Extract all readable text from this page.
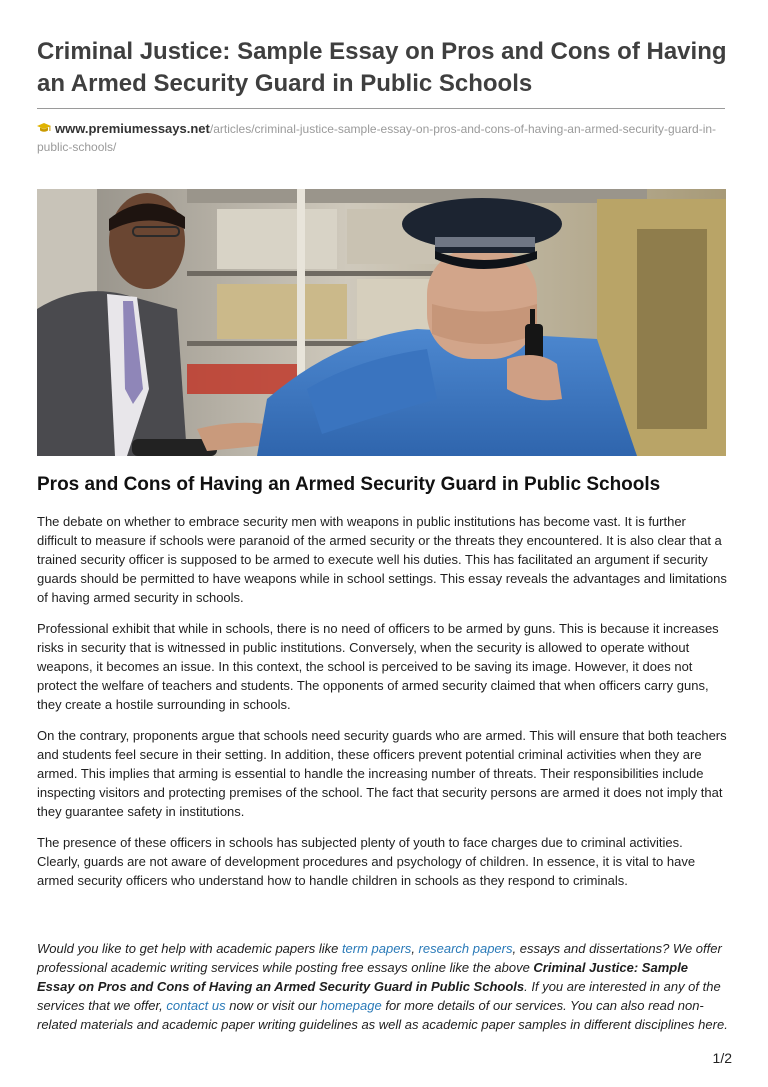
Criminal Justice: Sample Essay on Pros and Cons of Having an Armed Security Guard in Public Schools
www.premiumessays.net/articles/criminal-justice-sample-essay-on-pros-and-cons-of-having-an-armed-security-guard-in-public-schools/
Pros and Cons of Having an Armed Security Guard in Public Schools

The debate on whether to embrace security men with weapons in public institutions has become vast. It is further difficult to measure if schools were paranoid of the armed security or the threats they encountered. It is also clear that a trained security officer is supposed to be armed to execute well his duties. This has facilitated an argument if security guards should be permitted to have weapons while in school settings. This essay reveals the advantages and limitations of having armed security in schools.

Professional exhibit that while in schools, there is no need of officers to be armed by guns. This is because it increases risks in security that is witnessed in public institutions. Conversely, when the security is allowed to operate without weapons, it becomes an issue. In this context, the school is perceived to be saving its image. However, it does not protect the welfare of teachers and students. The opponents of armed security claimed that when officers carry guns, they create a hostile surrounding in schools.

On the contrary, proponents argue that schools need security guards who are armed. This will ensure that both teachers and students feel secure in their setting. In addition, these officers prevent potential criminal activities when they are armed. This implies that arming is essential to handle the increasing number of threats. Their responsibilities include inspecting visitors and protecting premises of the school. The fact that security persons are armed it does not imply that they guarantee safety in institutions.

The presence of these officers in schools has subjected plenty of youth to face charges due to criminal activities. Clearly, guards are not aware of development procedures and psychology of children. In essence, it is vital to have armed security officers who understand how to handle children in schools as they respond to criminals.

Would you like to get help with academic papers like term papers, research papers, essays and dissertations? We offer professional academic writing services while posting free essays online like the above Criminal Justice: Sample Essay on Pros and Cons of Having an Armed Security Guard in Public Schools. If you are interested in any of the services that we offer, contact us now or visit our homepage for more details of our services. You can also read non-related materials and academic paper writing guidelines as well as academic paper samples in different disciplines here.

1/2
